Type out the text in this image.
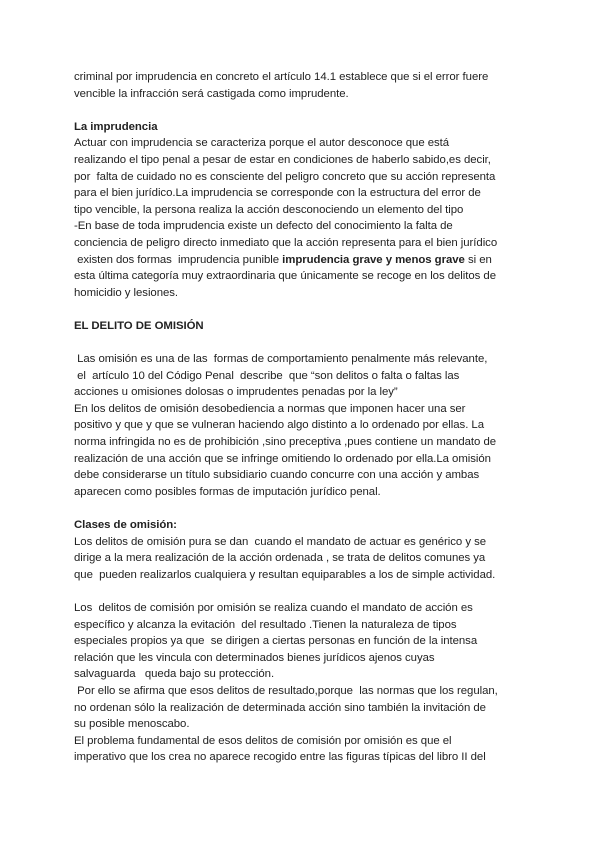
criminal por imprudencia en concreto el artículo 14.1 establece que si el error fuere
vencible la infracción será castigada como imprudente.
La imprudencia
Actuar con imprudencia se caracteriza porque el autor desconoce que está
realizando el tipo penal a pesar de estar en condiciones de haberlo sabido,es decir,
por  falta de cuidado no es consciente del peligro concreto que su acción representa
para el bien jurídico.La imprudencia se corresponde con la estructura del error de
tipo vencible, la persona realiza la acción desconociendo un elemento del tipo
-En base de toda imprudencia existe un defecto del conocimiento la falta de
conciencia de peligro directo inmediato que la acción representa para el bien jurídico
existen dos formas  imprudencia punible imprudencia grave y menos grave si en
esta última categoría muy extraordinaria que únicamente se recoge en los delitos de
homicidio y lesiones.
EL DELITO DE OMISIÓN
Las omisión es una de las  formas de comportamiento penalmente más relevante,
el  artículo 10 del Código Penal  describe  que “son delitos o falta o faltas las
acciones u omisiones dolosas o imprudentes penadas por la ley”
En los delitos de omisión desobediencia a normas que imponen hacer una ser
positivo y que y que se vulneran haciendo algo distinto a lo ordenado por ellas. La
norma infringida no es de prohibición ,sino preceptiva ,pues contiene un mandato de
realización de una acción que se infringe omitiendo lo ordenado por ella.La omisión
debe considerarse un título subsidiario cuando concurre con una acción y ambas
aparecen como posibles formas de imputación jurídico penal.
Clases de omisión:
Los delitos de omisión pura se dan  cuando el mandato de actuar es genérico y se
dirige a la mera realización de la acción ordenada , se trata de delitos comunes ya
que  pueden realizarlos cualquiera y resultan equiparables a los de simple actividad.
Los  delitos de comisión por omisión se realiza cuando el mandato de acción es
específico y alcanza la evitación  del resultado .Tienen la naturaleza de tipos
especiales propios ya que  se dirigen a ciertas personas en función de la intensa
relación que les vincula con determinados bienes jurídicos ajenos cuyas
salvaguarda   queda bajo su protección.
Por ello se afirma que esos delitos de resultado,porque  las normas que los regulan,
no ordenan sólo la realización de determinada acción sino también la invitación de
su posible menoscabo.
El problema fundamental de esos delitos de comisión por omisión es que el
imperativo que los crea no aparece recogido entre las figuras típicas del libro II del
